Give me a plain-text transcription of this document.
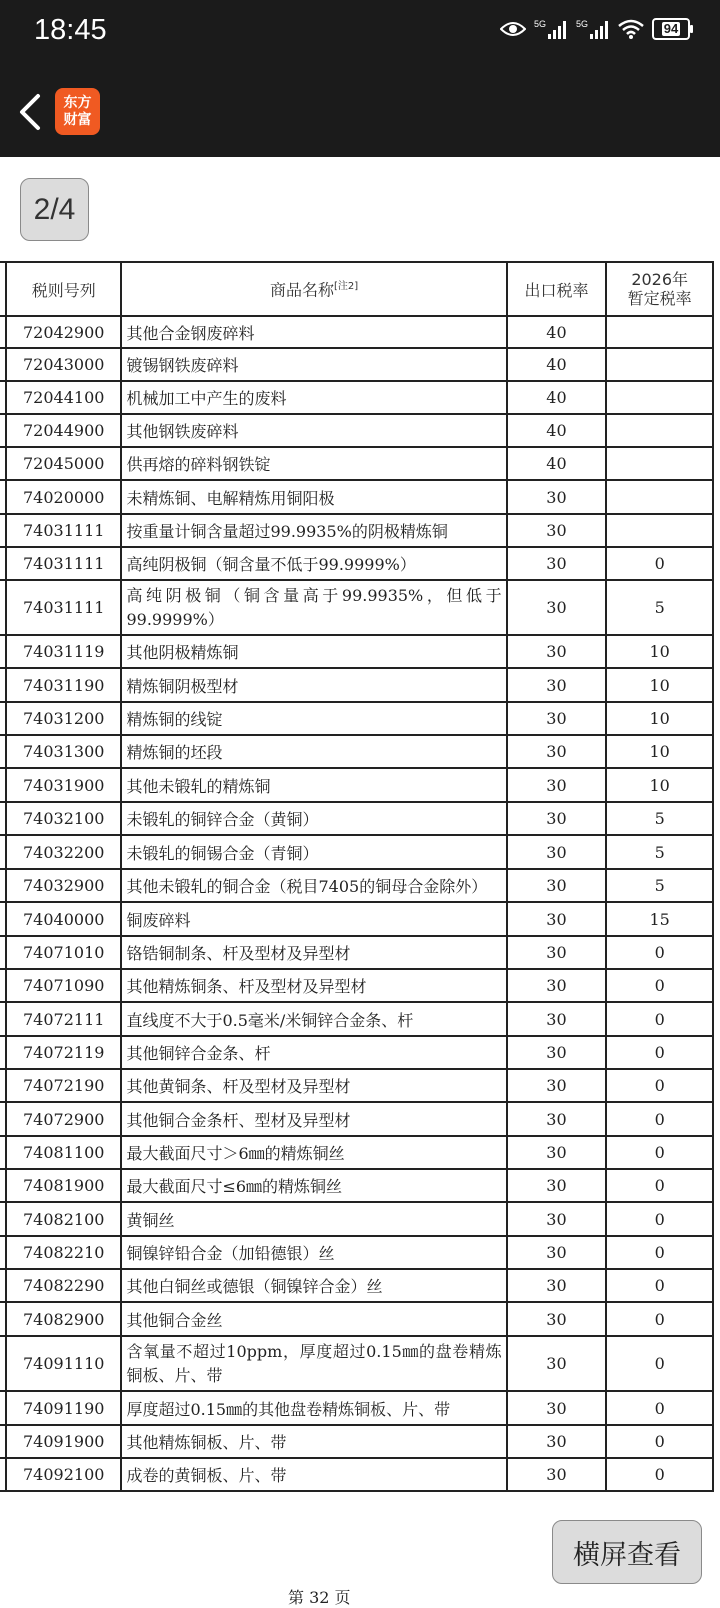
18:45	5G	5G	94
东方
财富
2/4
	税则号列	商品名称[注2]	出口税率	2026年
暂定税率
	72042900	其他合金钢废碎料	40	
	72043000	镀锡钢铁废碎料	40	
	72044100	机械加工中产生的废料	40	
	72044900	其他钢铁废碎料	40	
	72045000	供再熔的碎料钢铁锭	40	
	74020000	未精炼铜、电解精炼用铜阳极	30	
	74031111	按重量计铜含量超过99.9935%的阴极精炼铜	30	
	74031111	高纯阴极铜（铜含量不低于99.9999%）	30	0
	74031111	高纯阴极铜（铜含量高于99.9935%，但低于99.9999%）	30	5
	74031119	其他阴极精炼铜	30	10
	74031190	精炼铜阴极型材	30	10
	74031200	精炼铜的线锭	30	10
	74031300	精炼铜的坯段	30	10
	74031900	其他未锻轧的精炼铜	30	10
	74032100	未锻轧的铜锌合金（黄铜）	30	5
	74032200	未锻轧的铜锡合金（青铜）	30	5
	74032900	其他未锻轧的铜合金（税目7405的铜母合金除外）	30	5
	74040000	铜废碎料	30	15
	74071010	铬锆铜制条、杆及型材及异型材	30	0
	74071090	其他精炼铜条、杆及型材及异型材	30	0
	74072111	直线度不大于0.5毫米/米铜锌合金条、杆	30	0
	74072119	其他铜锌合金条、杆	30	0
	74072190	其他黄铜条、杆及型材及异型材	30	0
	74072900	其他铜合金条杆、型材及异型材	30	0
	74081100	最大截面尺寸＞6㎜的精炼铜丝	30	0
	74081900	最大截面尺寸≤6㎜的精炼铜丝	30	0
	74082100	黄铜丝	30	0
	74082210	铜镍锌铅合金（加铅德银）丝	30	0
	74082290	其他白铜丝或德银（铜镍锌合金）丝	30	0
	74082900	其他铜合金丝	30	0
	74091110	含氧量不超过10ppm，厚度超过0.15㎜的盘卷精炼铜板、片、带	30	0
	74091190	厚度超过0.15㎜的其他盘卷精炼铜板、片、带	30	0
	74091900	其他精炼铜板、片、带	30	0
	74092100	成卷的黄铜板、片、带	30	0
横屏查看
第 32 页
